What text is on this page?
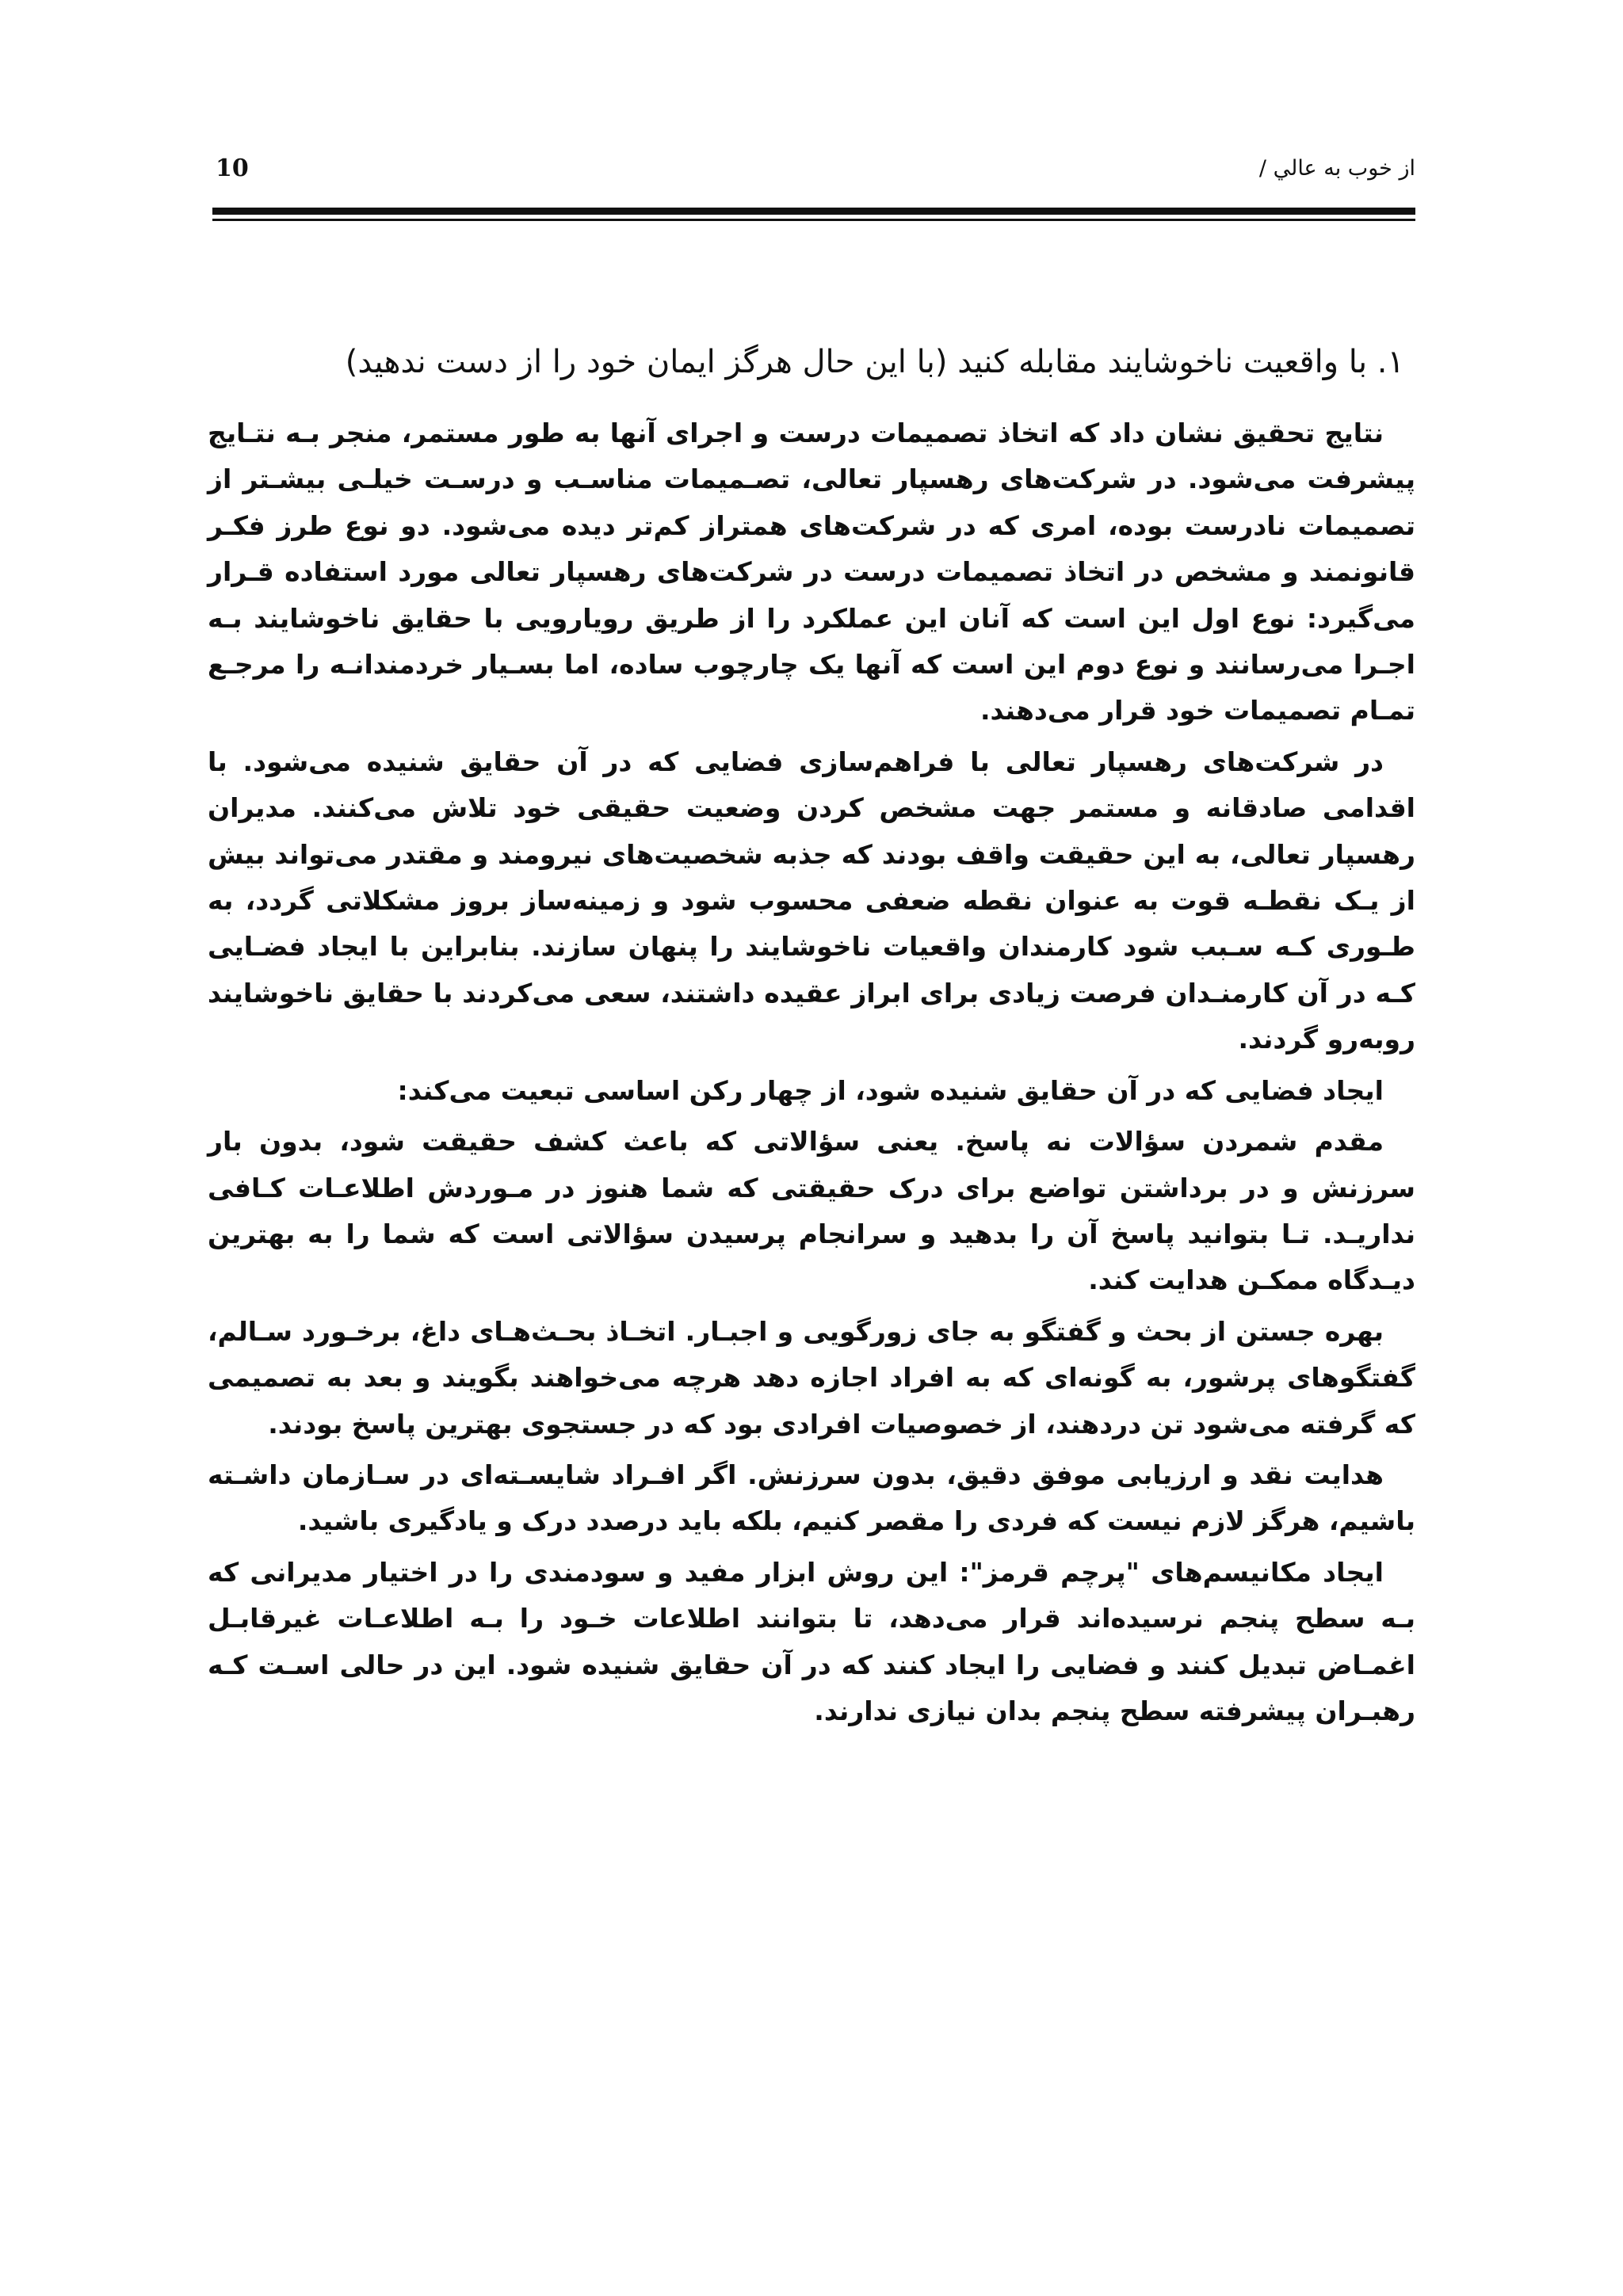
10	از خوب به عالي /
۱. با واقعيت ناخوشايند مقابله کنيد (با اين حال هرگز ايمان خود را از دست ندهيد)

نتايج تحقيق نشان داد که اتخاذ تصميمات درست و اجراى آنها به طور مستمر، منجر بـه نتـايج پيشرفت مى‌شود. در شرکت‌هاى رهسپار تعالى، تصـميمات مناسـب و درسـت خيلـى بيشـتر از تصميمات نادرست بوده، امرى که در شرکت‌هاى همتراز کم‌تر ديده مى‌شود. دو نوع طرز فکـر قانونمند و مشخص در اتخاذ تصميمات درست در شرکت‌هاى رهسپار تعالى مورد استفاده قـرار مى‌گيرد: نوع اول اين است که آنان اين عملکرد را از طريق رويارويى با حقايق ناخوشايند بـه اجـرا مى‌رسانند و نوع دوم اين است که آنها يک چارچوب ساده، اما بسـيار خردمندانـه را مرجـع تمـام تصميمات خود قرار مى‌دهند.

در شرکت‌هاى رهسپار تعالى با فراهم‌سازى فضايى که در آن حقايق شنيده مى‌شود. با اقدامى صادقانه و مستمر جهت مشخص کردن وضعيت حقيقى خود تلاش مى‌کنند. مديران رهسپار تعالى، به اين حقيقت واقف بودند که جذبه شخصيت‌هاى نيرومند و مقتدر مى‌تواند بيش از يـک نقطـه قوت به عنوان نقطه ضعفى محسوب شود و زمينه‌ساز بروز مشکلاتى گردد، به طـورى کـه سـبب شود کارمندان واقعيات ناخوشايند را پنهان سازند. بنابراين با ايجاد فضـايى کـه در آن کارمنـدان فرصت زيادى براى ابراز عقيده داشتند، سعى مى‌کردند با حقايق ناخوشايند روبه‌رو گردند.

ايجاد فضايى که در آن حقايق شنيده شود، از چهار رکن اساسى تبعيت مى‌کند:

مقدم شمردن سؤالات نه پاسخ. يعنى سؤالاتى که باعث کشف حقيقت شود، بدون بار سرزنش و در برداشتن تواضع براى درک حقيقتى که شما هنوز در مـوردش اطلاعـات کـافى نداريـد. تـا بتوانيد پاسخ آن را بدهيد و سرانجام پرسيدن سؤالاتى است که شما را به بهترين ديـدگاه ممکـن هدايت کند.

بهره جستن از بحث و گفتگو به جاى زورگويى و اجبـار. اتخـاذ بحـث‌هـاى داغ، برخـورد سـالم، گفتگوهاى پرشور، به گونه‌اى که به افراد اجازه دهد هرچه مى‌خواهند بگويند و بعد به تصميمى که گرفته مى‌شود تن دردهند، از خصوصيات افرادى بود که در جستجوى بهترين پاسخ بودند.

هدايت نقد و ارزيابى موفق دقيق، بدون سرزنش. اگر افـراد شايسـته‌اى در سـازمان داشـته باشيم، هرگز لازم نيست که فردى را مقصر کنيم، بلکه بايد درصدد درک و يادگيرى باشيد.

ايجاد مکانيسم‌هاى "پرچم قرمز": اين روش ابزار مفيد و سودمندى را در اختيار مديرانى که بـه سطح پنجم نرسيده‌اند قرار مى‌دهد، تا بتوانند اطلاعات خـود را بـه اطلاعـات غيرقابـل اغمـاض تبديل کنند و فضايى را ايجاد کنند که در آن حقايق شنيده شود. اين در حالى اسـت کـه رهبـران پيشرفته سطح پنجم بدان نيازى ندارند.
